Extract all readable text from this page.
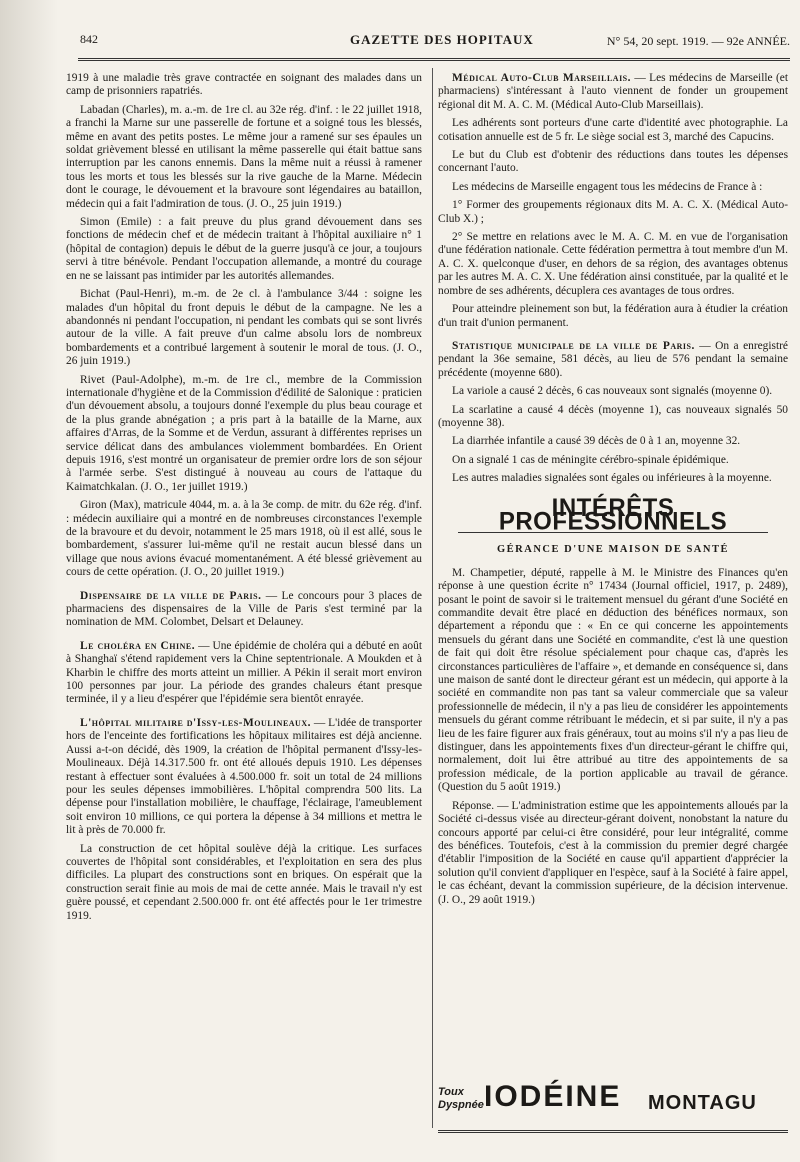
842	GAZETTE DES HOPITAUX	N° 54, 20 sept. 1919. — 92e ANNÉE.

1919 à une maladie très grave contractée en soignant des malades dans un camp de prisonniers rapatriés.

Labadan (Charles), m. a.-m. de 1re cl. au 32e rég. d'inf. : le 22 juillet 1918, a franchi la Marne sur une passerelle de fortune et a soigné tous les blessés, même en avant des petits postes. Le même jour a ramené sur ses épaules un soldat grièvement blessé en utilisant la même passerelle qui était battue sans interruption par les canons ennemis. Dans la même nuit a réussi à ramener tous les morts et tous les blessés sur la rive gauche de la Marne. Médecin dont le courage, le dévouement et la bravoure sont légendaires au bataillon, médecin qui a fait l'admiration de tous. (J. O., 25 juin 1919.)

Simon (Emile) : a fait preuve du plus grand dévouement dans ses fonctions de médecin chef et de médecin traitant à l'hôpital auxiliaire n° 1 (hôpital de contagion) depuis le début de la guerre jusqu'à ce jour, a toujours servi à titre bénévole. Pendant l'occupation allemande, a montré du courage en ne se laissant pas intimider par les autorités allemandes.

Bichat (Paul-Henri), m.-m. de 2e cl. à l'ambulance 3/44 : soigne les malades d'un hôpital du front depuis le début de la campagne. Ne les a abandonnés ni pendant l'occupation, ni pendant les combats qui se sont livrés autour de la ville. A fait preuve d'un calme absolu lors de nombreux bombardements et a contribué largement à soutenir le moral de tous. (J. O., 26 juin 1919.)

Rivet (Paul-Adolphe), m.-m. de 1re cl., membre de la Commission internationale d'hygiène et de la Commission d'édilité de Salonique : praticien d'un dévouement absolu, a toujours donné l'exemple du plus beau courage et de la plus grande abnégation ; a pris part à la bataille de la Marne, aux affaires d'Arras, de la Somme et de Verdun, assurant à différentes reprises un service délicat dans des ambulances violemment bombardées. En Orient depuis 1916, s'est montré un organisateur de premier ordre lors de son séjour à l'armée serbe. S'est distingué à nouveau au cours de l'attaque du Kaimatchkalan. (J. O., 1er juillet 1919.)

Giron (Max), matricule 4044, m. a. à la 3e comp. de mitr. du 62e rég. d'inf. : médecin auxiliaire qui a montré en de nombreuses circonstances l'exemple de la bravoure et du devoir, notamment le 25 mars 1918, où il est allé, sous le bombardement, s'assurer lui-même qu'il ne restait aucun blessé dans un village que nous avions évacué momentanément. A été blessé grièvement au cours de cette opération. (J. O., 20 juillet 1919.)

Dispensaire de la ville de Paris. — Le concours pour 3 places de pharmaciens des dispensaires de la Ville de Paris s'est terminé par la nomination de MM. Colombet, Delsart et Delauney.

Le choléra en Chine. — Une épidémie de choléra qui a débuté en août à Shanghaï s'étend rapidement vers la Chine septentrionale. A Moukden et à Kharbin le chiffre des morts atteint un millier. A Pékin il serait mort environ 100 personnes par jour. La période des grandes chaleurs étant presque terminée, il y a lieu d'espérer que l'épidémie sera bientôt enrayée.

L'hôpital militaire d'Issy-les-Moulineaux. — L'idée de transporter hors de l'enceinte des fortifications les hôpitaux militaires est déjà ancienne. Aussi a-t-on décidé, dès 1909, la création de l'hôpital permanent d'Issy-les-Moulineaux. Déjà 14.317.500 fr. ont été alloués depuis 1910. Les dépenses restant à effectuer sont évaluées à 4.500.000 fr. soit un total de 24 millions pour les seules dépenses immobilières. L'hôpital comprendra 500 lits. La dépense pour l'installation mobilière, le chauffage, l'éclairage, l'ameublement soit environ 10 millions, ce qui portera la dépense à 34 millions et mettra le lit à près de 70.000 fr.

La construction de cet hôpital soulève déjà la critique. Les surfaces couvertes de l'hôpital sont considérables, et l'exploitation en sera des plus difficiles. La plupart des constructions sont en briques. On espérait que la construction serait finie au mois de mai de cette année. Mais le travail n'y est guère poussé, et cependant 2.500.000 fr. ont été affectés pour le 1er trimestre 1919.

Médical Auto-Club Marseillais. — Les médecins de Marseille (et pharmaciens) s'intéressant à l'auto viennent de fonder un groupement régional dit M. A. C. M. (Médical Auto-Club Marseillais).

Les adhérents sont porteurs d'une carte d'identité avec photographie. La cotisation annuelle est de 5 fr. Le siège social est 3, marché des Capucins.

Le but du Club est d'obtenir des réductions dans toutes les dépenses concernant l'auto.

Les médecins de Marseille engagent tous les médecins de France à :

1° Former des groupements régionaux dits M. A. C. X. (Médical Auto-Club X.) ;

2° Se mettre en relations avec le M. A. C. M. en vue de l'organisation d'une fédération nationale. Cette fédération permettra à tout membre d'un M. A. C. X. quelconque d'user, en dehors de sa région, des avantages obtenus par les autres M. A. C. X. Une fédération ainsi constituée, par la qualité et le nombre de ses adhérents, décuplera ces avantages de tous ordres.

Pour atteindre pleinement son but, la fédération aura à étudier la création d'un trait d'union permanent.

Statistique municipale de la ville de Paris. — On a enregistré pendant la 36e semaine, 581 décès, au lieu de 576 pendant la semaine précédente (moyenne 680).

La variole a causé 2 décès, 6 cas nouveaux sont signalés (moyenne 0).

La scarlatine a causé 4 décès (moyenne 1), cas nouveaux signalés 50 (moyenne 38).

La diarrhée infantile a causé 39 décès de 0 à 1 an, moyenne 32.

On a signalé 1 cas de méningite cérébro-spinale épidémique.

Les autres maladies signalées sont égales ou inférieures à la moyenne.

INTÉRÊTS PROFESSIONNELS
GÉRANCE D'UNE MAISON DE SANTÉ

M. Champetier, député, rappelle à M. le Ministre des Finances qu'en réponse à une question écrite n° 17434 (Journal officiel, 1917, p. 2489), posant le point de savoir si le traitement mensuel du gérant d'une Société en commandite devait être placé en déduction des bénéfices normaux, son département a répondu que : « En ce qui concerne les appointements mensuels du gérant dans une Société en commandite, c'est là une question de fait qui doit être résolue spécialement pour chaque cas, d'après les circonstances particulières de l'affaire », et demande en conséquence si, dans une maison de santé dont le directeur gérant est un médecin, qui apporte à la société en commandite non pas tant sa valeur commerciale que sa valeur professionnelle de médecin, il n'y a pas lieu de considérer les appointements mensuels du gérant comme rétribuant le médecin, et si par suite, il n'y a pas lieu de les faire figurer aux frais généraux, tout au moins s'il n'y a pas lieu de distinguer, dans les appointements fixes d'un directeur-gérant le chiffre qui, normalement, doit lui être attribué au titre des appointements de sa profession médicale, de la portion applicable au travail de gérance. (Question du 5 août 1919.)

Réponse. — L'administration estime que les appointements alloués par la Société ci-dessus visée au directeur-gérant doivent, nonobstant la nature du concours apporté par celui-ci être considéré, pour leur intégralité, comme des bénéfices. Toutefois, c'est à la commission du premier degré chargée d'établir l'imposition de la Société en cause qu'il appartient d'apprécier la solution qu'il convient d'appliquer en l'espèce, sauf à la Société à faire appel, le cas échéant, devant la commission supérieure, de la décision intervenue. (J. O., 29 août 1919.)

Toux
Dyspnée IODÉINE MONTAGU
